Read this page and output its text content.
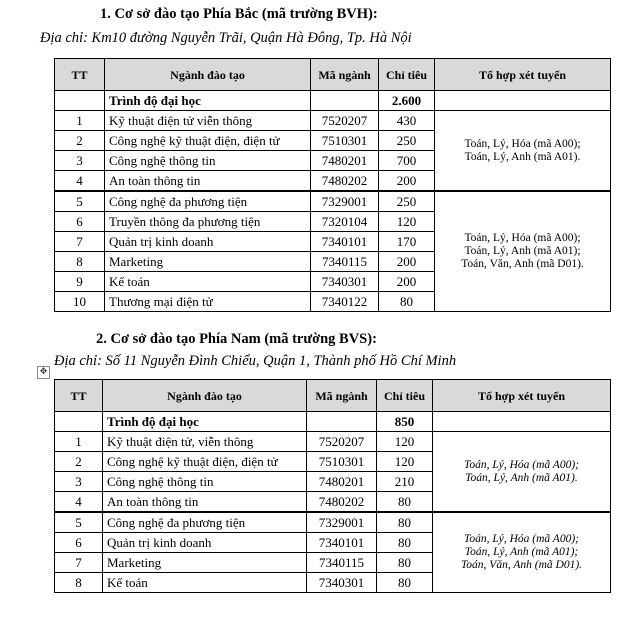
1. Cơ sở đào tạo Phía Bắc (mã trường BVH):
Địa chỉ: Km10 đường Nguyễn Trãi, Quận Hà Đông, Tp. Hà Nội
TT	Ngành đào tạo	Mã ngành	Chỉ tiêu	Tổ hợp xét tuyển
	Trình độ đại học		2.600	
1	Kỹ thuật điện tử viễn thông	7520207	430	Toán, Lý, Hóa (mã A00);
Toán, Lý, Anh (mã A01).

2	Công nghệ kỹ thuật điện, điện tử	7510301	250	
3	Công nghệ thông tin	7480201	700	
4	An toàn thông tin	7480202	200	
5	Công nghệ đa phương tiện	7329001	250	Toán, Lý, Hóa (mã A00);
Toán, Lý, Anh (mã A01);
Toán, Văn, Anh (mã D01).

6	Truyền thông đa phương tiện	7320104	120	
7	Quản trị kinh doanh	7340101	170	
8	Marketing	7340115	200	
9	Kế toán	7340301	200	
10	Thương mại điện tử	7340122	80	
2. Cơ sở đào tạo Phía Nam (mã trường BVS):
✥
Địa chỉ: Số 11 Nguyễn Đình Chiểu, Quận 1, Thành phố Hồ Chí Minh
TT	Ngành đào tạo	Mã ngành	Chỉ tiêu	Tổ hợp xét tuyển
	Trình độ đại học		850	
1	Kỹ thuật điện tử, viễn thông	7520207	120	Toán, Lý, Hóa (mã A00);
Toán, Lý, Anh (mã A01).

2	Công nghệ kỹ thuật điện, điện tử	7510301	120	
3	Công nghệ thông tin	7480201	210	
4	An toàn thông tin	7480202	80	
5	Công nghệ đa phương tiện	7329001	80	Toán, Lý, Hóa (mã A00);
Toán, Lý, Anh (mã A01);
Toán, Văn, Anh (mã D01).

6	Quản trị kinh doanh	7340101	80	
7	Marketing	7340115	80	
8	Kế toán	7340301	80	
